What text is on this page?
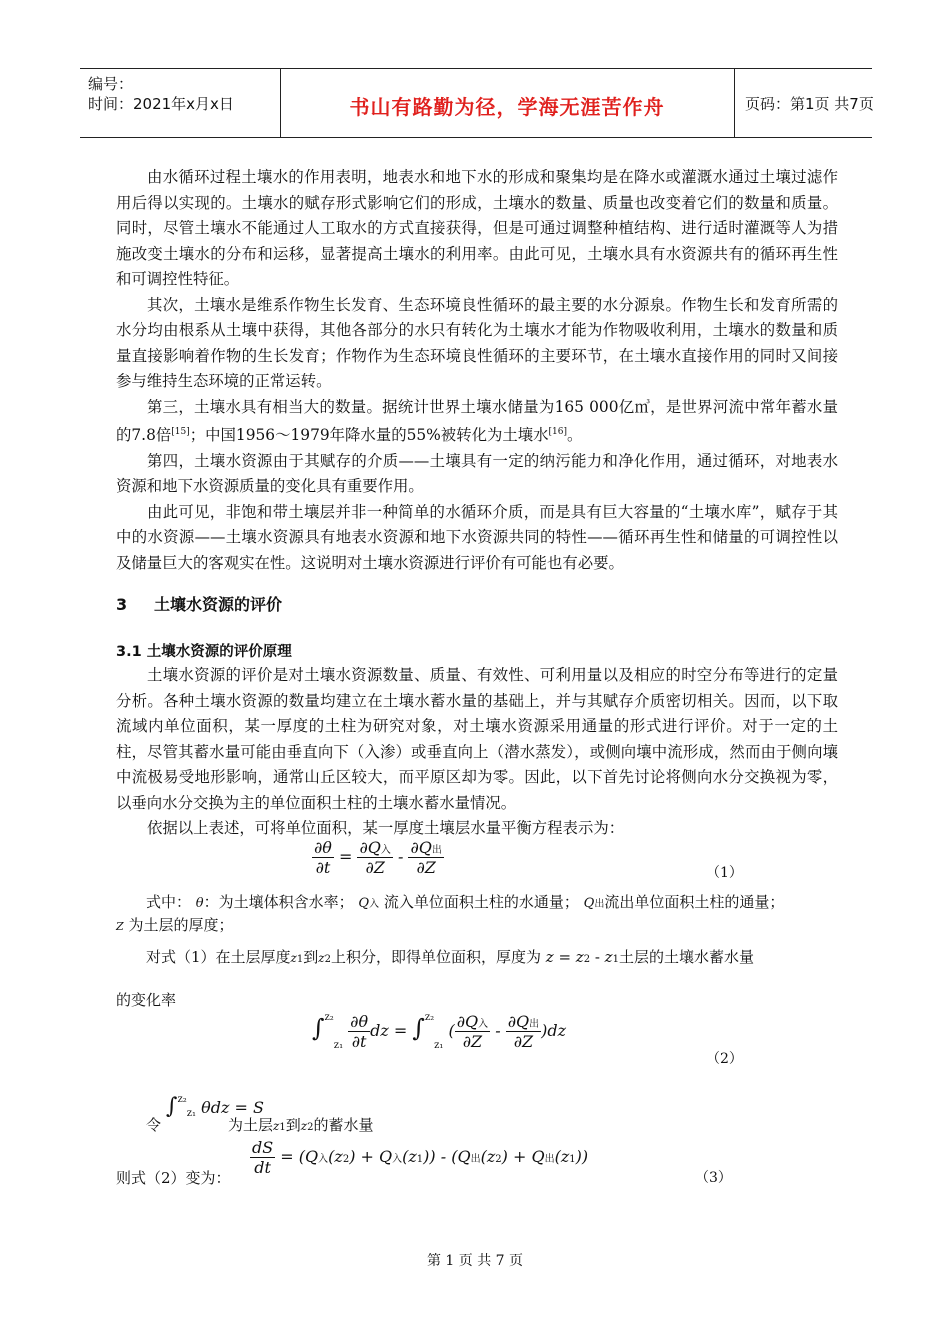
编号：
时间：2021年x月x日	书山有路勤为径，学海无涯苦作舟	页码：第1页 共7页

由水循环过程土壤水的作用表明，地表水和地下水的形成和聚集均是在降水或灌溉水通过土壤过滤作用后得以实现的。土壤水的赋存形式影响它们的形成，土壤水的数量、质量也改变着它们的数量和质量。同时，尽管土壤水不能通过人工取水的方式直接获得，但是可通过调整种植结构、进行适时灌溉等人为措施改变土壤水的分布和运移，显著提高土壤水的利用率。由此可见，土壤水具有水资源共有的循环再生性和可调控性特征。

其次，土壤水是维系作物生长发育、生态环境良性循环的最主要的水分源泉。作物生长和发育所需的水分均由根系从土壤中获得，其他各部分的水只有转化为土壤水才能为作物吸收利用，土壤水的数量和质量直接影响着作物的生长发育；作物作为生态环境良性循环的主要环节，在土壤水直接作用的同时又间接参与维持生态环境的正常运转。

第三，土壤水具有相当大的数量。据统计世界土壤水储量为165 000亿㎥，是世界河流中常年蓄水量的7.8倍[15]；中国1956～1979年降水量的55%被转化为土壤水[16]。

第四，土壤水资源由于其赋存的介质——土壤具有一定的纳污能力和净化作用，通过循环，对地表水资源和地下水资源质量的变化具有重要作用。

由此可见，非饱和带土壤层并非一种简单的水循环介质，而是具有巨大容量的“土壤水库”，赋存于其中的水资源——土壤水资源具有地表水资源和地下水资源共同的特性——循环再生性和储量的可调控性以及储量巨大的客观实在性。这说明对土壤水资源进行评价有可能也有必要。

3 土壤水资源的评价
3.1 土壤水资源的评价原理

土壤水资源的评价是对土壤水资源数量、质量、有效性、可利用量以及相应的时空分布等进行的定量分析。各种土壤水资源的数量均建立在土壤水蓄水量的基础上，并与其赋存介质密切相关。因而，以下取流域内单位面积，某一厚度的土柱为研究对象，对土壤水资源采用通量的形式进行评价。对于一定的土柱，尽管其蓄水量可能由垂直向下（入渗）或垂直向上（潜水蒸发），或侧向壤中流形成，然而由于侧向壤中流极易受地形影响，通常山丘区较大，而平原区却为零。因此，以下首先讨论将侧向水分交换视为零，以垂向水分交换为主的单位面积土柱的土壤水蓄水量情况。

依据以上表述，可将单位面积，某一厚度土壤层水量平衡方程表示为：

$\frac{\partial\theta}{\partial t} = \frac{\text{∂Q入}}{\partial Z} - \frac{\text{∂Q出}}{\partial Z}$	（1）
式中： θ：为土壤体积含水率； Q入 流入单位面积土柱的水通量； Q出流出单位面积土柱的通量；
Z 为土层的厚度；
对式（1）在土层厚度z1到z2上积分，即得单位面积，厚度为 z = z2 - z1土层的土壤水蓄水量
的变化率
$\int^{z_2}z_1 \frac{\partial\theta}{\partial t}$ dz = ∫$^{z_2}$z₁ ( $\frac{\text{∂Q入}}{\partial Z} - \frac{\text{∂Q出}}{\partial Z} )dz$
（2）
令
∫$^{z_2}$z₁ θdz = S
为土层z1到z2的蓄水量
则式（2）变为：
$\frac{dS}{dt} = (Q$入(z2) + Q入(z1)) - (Q出(z2) + Q出(z1))
（3）
第 1 页 共 7 页
